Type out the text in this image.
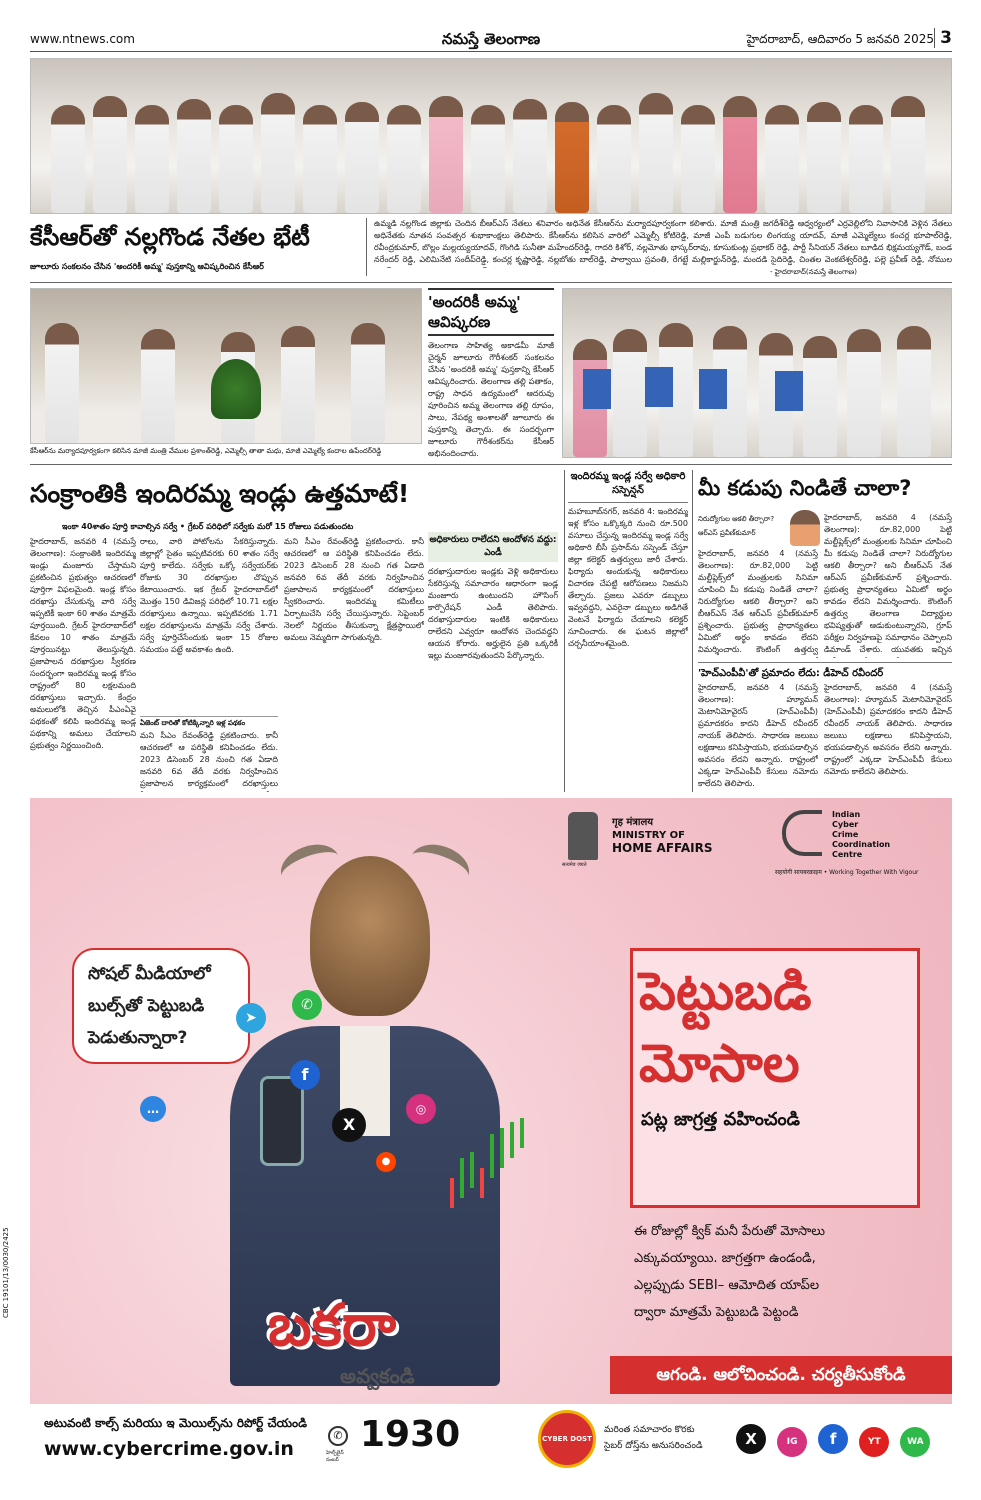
www.ntnews.com	నమస్తే తెలంగాణ	హైదరాబాద్, ఆదివారం 5 జనవరి 2025 3
కేసీఆర్‌తో నల్లగొండ నేతల భేటీ
జూలూరు సంకలనం చేసిన 'అందరికీ అమ్మ' పుస్తకాన్ని ఆవిష్కరించిన కేసీఆర్
ఉమ్మడి నల్లగొండ జిల్లాకు చెందిన బీఆర్‌ఎస్ నేతలు శనివారం అధినేత కేసీఆర్‌ను మర్యాదపూర్వకంగా కలిశారు. మాజీ మంత్రి జగదీశ్‌రెడ్డి ఆధ్వర్యంలో ఎర్రవెల్లిలోని నివాసానికి వెళ్లిన నేతలు అధినేతకు నూతన సంవత్సర శుభాకాంక్షలు తెలిపారు. కేసీఆర్‌ను కలిసిన వారిలో ఎమ్మెల్సీ కోటిరెడ్డి, మాజీ ఎంపీ బడుగుల లింగయ్య యాదవ్, మాజీ ఎమ్మెల్యేలు కంచర్ల భూపాల్‌రెడ్డి, రవీంద్రకుమార్, బొల్లం మల్లయ్యయాదవ్, గొంగిడి సునీతా మహేందర్‌రెడ్డి, గాదరి కిశోర్, నల్లమోతు భాస్కర్‌రావు, కూసుకుంట్ల ప్రభాకర్ రెడ్డి, పార్టీ సీనియర్ నేతలు బూడిద భిక్షమయ్యగౌడ్, బండ నరేందర్ రెడ్డి, ఎలిమినేటి సందీప్‌రెడ్డి, కంచర్ల కృష్ణారెడ్డి, నల్లబోతు బాల్‌రెడ్డి, పాల్వాయి స్రవంతి, రేగట్టే మల్లికార్జున్‌రెడ్డి, మందడి సైదిరెడ్డి, చింతల వెంకటేశ్వర్‌రెడ్డి, పల్లె ప్రవీణ్ రెడ్డి, నోముల
- హైదరాబాద్(నమస్తే తెలంగాణ)
కేసీఆర్‌ను మర్యాదపూర్వకంగా కలిసిన మాజీ మంత్రి వేముల ప్రశాంత్‌రెడ్డి, ఎమ్మెల్సీ తాతా మధు, మాజీ ఎమ్మెల్యే కందాల ఉపేందర్‌రెడ్డి
'అందరికీ అమ్మ' ఆవిష్కరణ
తెలంగాణ సాహిత్య అకాడమీ మాజీ చైర్మన్ జూలూరు గౌరీశంకర్ సంకలనం చేసిన 'అందరికీ అమ్మ' పుస్తకాన్ని కేసీఆర్ ఆవిష్కరించారు. తెలంగాణ తల్లి పతాకం, రాష్ట్ర సాధన ఉద్యమంలో ఆదరువు పూరించిన అమ్మ తెలంగాణ తల్లి రూపం, సాలు, నేపథ్య అంశాలతో జూలూరు ఈ పుస్తకాన్ని తెచ్చారు. ఈ సందర్భంగా జూలూరు గౌరీశంకర్‌ను కేసీఆర్ అభినందించారు.
సంక్రాంతికి ఇందిరమ్మ ఇండ్లు ఉత్తమాటే!
ఇంకా 40శాతం పూర్తి కావాల్సిన సర్వే • గ్రేటర్ పరిధిలో సర్వేకు మరో 15 రోజులు పడుతుందట
హైదరాబాద్, జనవరి 4 (నమస్తే తెలంగాణ): సంక్రాంతికి ఇందిరమ్మ ఇండ్లు మంజూరు చేస్తామని ప్రకటించిన ప్రభుత్వం ఆచరణలో పూర్తిగా విఫలమైంది. ఇండ్ల కోసం దరఖాస్తు చేసుకున్న వారి సర్వే ఇప్పటికీ ఇంకా 60 శాతం మాత్రమే పూర్తయింది. గ్రేటర్ హైదరాబాద్‌లో కేవలం 10 శాతం మాత్రమే పూర్తయినట్టు తెలుస్తున్నది. ప్రజాపాలన దరఖాస్తుల స్వీకరణ సందర్భంగా ఇందిరమ్మ ఇండ్ల కోసం రాష్ట్రంలో 80 లక్షలమంది దరఖాస్తులు ఇచ్చారు. కేంద్రం అమలులోకి తెచ్చిన పీఎంఏవై పథకంతో కలిపి ఇందిరమ్మ ఇండ్ల పథకాన్ని అమలు చేయాలని ప్రభుత్వం నిర్ణయించింది.
రాలు, వారి పోటోలను సేకరిస్తున్నారు. జిల్లాల్లో సైతం ఇప్పటివరకు 60 శాతం సర్వే పూర్తి కాలేదు. సర్వేకు ఒక్కో సర్వేయర్‌కు రోజుకు 30 దరఖాస్తుల చొప్పున కేటాయించారు. ఇక గ్రేటర్ హైదరాబాద్‌లో మొత్తం 150 డివిజన్ల పరిధిలో 10.71 లక్షల దరఖాస్తులు ఉన్నాయి. ఇప్పటివరకు 1.71 లక్షల దరఖాస్తులను మాత్రమే సర్వే చేశారు. సర్వే పూర్తిచేసేందుకు ఇంకా 15 రోజుల సమయం పట్టే అవకాశం ఉంది.
ఏజెంట్ దారితో కోటిక్కిన్నారి ఇళ్ల పథకం
మని సీఎం రేవంత్‌రెడ్డి ప్రకటించారు. కానీ ఆచరణలో ఆ పరిస్థితి కనిపించడం లేదు. 2023 డిసెంబర్ 28 నుంచి గత ఏడాది జనవరి 6వ తేదీ వరకు నిర్వహించిన ప్రజాపాలన కార్యక్రమంలో దరఖాస్తులు
అధికారులు రాలేదని ఆందోళన వద్దు: ఎండీ
మని సీఎం రేవంత్‌రెడ్డి ప్రకటించారు. కానీ ఆచరణలో ఆ పరిస్థితి కనిపించడం లేదు. 2023 డిసెంబర్ 28 నుంచి గత ఏడాది జనవరి 6వ తేదీ వరకు నిర్వహించిన ప్రజాపాలన కార్యక్రమంలో దరఖాస్తులు స్వీకరించారు. ఇందిరమ్మ కమిటీలు ఏర్పాటుచేసి సర్వే చేయిస్తున్నారు. సెప్టెంబర్ నెలలో నిర్ణయం తీసుకున్నా క్షేత్రస్థాయిలో అమలు నెమ్మదిగా సాగుతున్నది.
దరఖాస్తుదారుల ఇండ్లకు వెళ్లి అధికారులు సేకరిస్తున్న సమాచారం ఆధారంగా ఇండ్ల మంజూరు ఉంటుందని హౌసింగ్ కార్పొరేషన్ ఎండీ తెలిపారు. దరఖాస్తుదారుల ఇంటికి అధికారులు రాలేదని ఎవ్వరూ ఆందోళన చెందవద్దని ఆయన కోరారు. అర్హులైన ప్రతి ఒక్కరికీ ఇల్లు మంజూరవుతుందని పేర్కొన్నారు.
ఇందిరమ్మ ఇండ్ల సర్వే అధికారి సస్పెన్షన్
మహబూబ్‌నగర్, జనవరి 4: ఇందిరమ్మ ఇళ్ల కోసం ఒక్కొక్కరి నుంచి రూ.500 వసూలు చేస్తున్న ఇందిరమ్మ ఇండ్ల సర్వే అధికారి బీసీ ప్రసాద్‌ను సస్పెండ్ చేస్తూ జిల్లా కలెక్టర్ ఉత్తర్వులు జారీ చేశారు. ఫిర్యాదు అందుకున్న అధికారులు విచారణ చేపట్టి ఆరోపణలు నిజమని తేల్చారు. ప్రజలు ఎవరూ డబ్బులు ఇవ్వవద్దని, ఎవరైనా డబ్బులు అడిగితే వెంటనే ఫిర్యాదు చేయాలని కలెక్టర్ సూచించారు. ఈ ఘటన జిల్లాలో చర్చనీయాంశమైంది.
మీ కడుపు నిండితే చాలా?
నిరుద్యోగుల ఆకలి తీర్చారా?
ఆర్‌ఎస్ ప్రవీణ్‌కుమార్
హైదరాబాద్, జనవరి 4 (నమస్తే తెలంగాణ): రూ.82,000 పెట్టి మల్టీప్లెక్స్‌లో మంత్రులకు సినిమా చూపించి మీ కడుపు నిండితే చాలా? నిరుద్యోగుల ఆకలి తీర్చారా? అని బీఆర్‌ఎస్ నేత ఆర్‌ఎస్ ప్రవీణ్‌కుమార్ ప్రశ్నించారు. ప్రభుత్వ ప్రాధాన్యతలు ఏమిటో అర్థం కావడం లేదని విమర్శించారు. కౌంటింగ్ ఉత్తర్వు
హైదరాబాద్, జనవరి 4 (నమస్తే తెలంగాణ): రూ.82,000 పెట్టి మల్టీప్లెక్స్‌లో మంత్రులకు సినిమా చూపించి మీ కడుపు నిండితే చాలా? నిరుద్యోగుల ఆకలి తీర్చారా? అని బీఆర్‌ఎస్ నేత ఆర్‌ఎస్ ప్రవీణ్‌కుమార్ ప్రశ్నించారు. ప్రభుత్వ ప్రాధాన్యతలు ఏమిటో అర్థం కావడం లేదని విమర్శించారు. కౌంటింగ్ ఉత్తర్వు తెలంగాణ విద్యార్థుల భవిష్యత్తుతో ఆడుకుంటున్నారని, గ్రూప్ పరీక్షల నిర్వహణపై సమాధానం చెప్పాలని డిమాండ్ చేశారు. యువతకు ఇచ్చిన
'హెచ్‌ఎంపీవీ'తో ప్రమాదం లేదు: డీహెచ్ రవీందర్
హైదరాబాద్, జనవరి 4 (నమస్తే తెలంగాణ): హ్యూమన్ మెటానిమోవైరస్ (హెచ్‌ఎంపీవీ) ప్రమాదకరం కాదని డీహెచ్ రవీందర్ నాయక్ తెలిపారు. సాధారణ జలుబు లక్షణాలు కనిపిస్తాయని, భయపడాల్సిన అవసరం లేదని అన్నారు. రాష్ట్రంలో ఎక్కడా హెచ్‌ఎంపీవీ కేసులు నమోదు కాలేదని తెలిపారు.
హైదరాబాద్, జనవరి 4 (నమస్తే తెలంగాణ): హ్యూమన్ మెటానిమోవైరస్ (హెచ్‌ఎంపీవీ) ప్రమాదకరం కాదని డీహెచ్ రవీందర్ నాయక్ తెలిపారు. సాధారణ జలుబు లక్షణాలు కనిపిస్తాయని, భయపడాల్సిన అవసరం లేదని అన్నారు. రాష్ట్రంలో ఎక్కడా హెచ్‌ఎంపీవీ కేసులు నమోదు కాలేదని తెలిపారు.
सत्यमेव जयते
गृह मंत्रालय
MINISTRY OF
HOME AFFAIRS
Indian
Cyber
Crime
Coordination
Centre
सहयोगी सायबरक्राइम • Working Together With Vigour
సోషల్ మీడియాలో
బుల్స్‌తో పెట్టుబడి
పెడుతున్నారా?
➤
✆
f
…
X
◎
●
పెట్టుబడి
మోసాల
పట్ల జాగ్రత్త వహించండి
ఈ రోజుల్లో క్విక్ మనీ పేరుతో మోసాలు
ఎక్కువయ్యాయి. జాగ్రత్తగా ఉండండి,
ఎల్లప్పుడు SEBI– ఆమోదిత యాప్‌ల
ద్వారా మాత్రమే పెట్టుబడి పెట్టండి
బకరా
అవ్వకండి
CBC 19101/13/0030/2425
ఆగండి. ఆలోచించండి. చర్యతీసుకోండి
అటువంటి కాల్స్ మరియు ఇ మెయిల్స్‌ను రిపోర్ట్ చేయండి
www.cybercrime.gov.in
✆
హెల్ప్‌లైన్ నంబర్
1930	CYBER DOST
మరింత సమాచారం కొరకు
సైబర్ దోస్త్‌ను అనుసరించండి	X	IG f	YT	WA
